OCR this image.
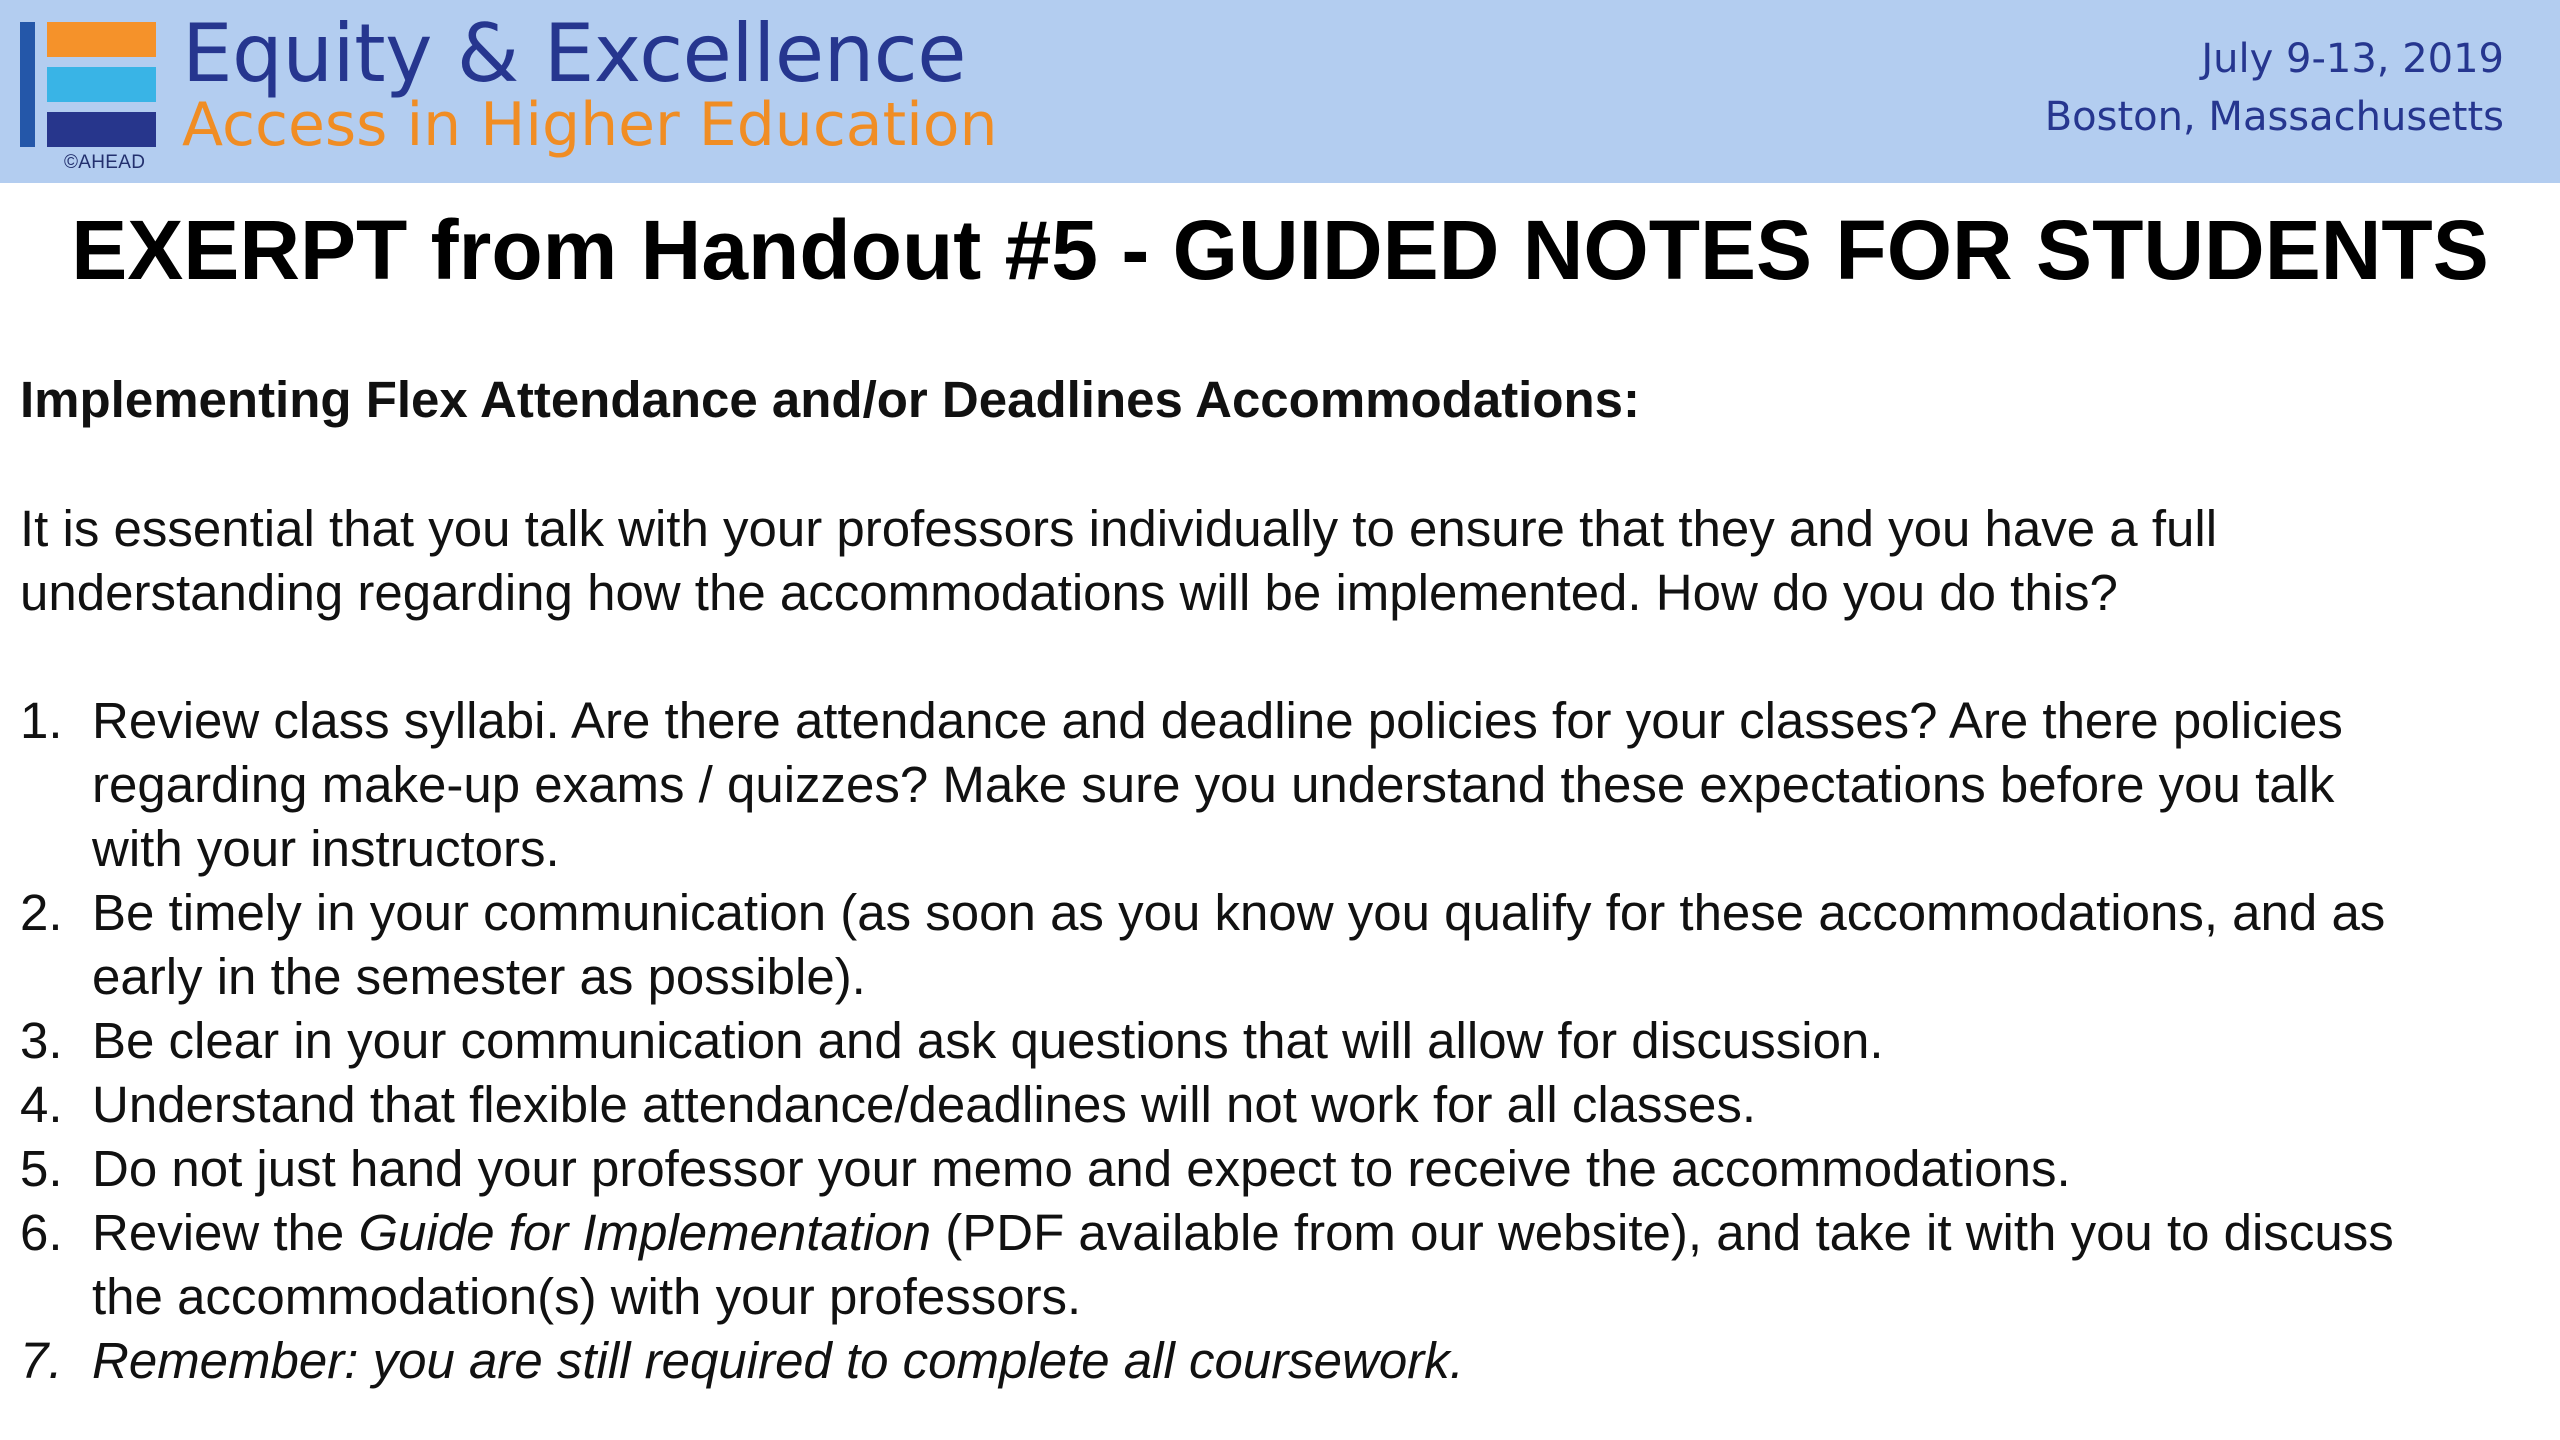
©AHEAD
Equity & Excellence
Access in Higher Education
July 9-13, 2019
Boston, Massachusetts
EXERPT from Handout #5 - GUIDED NOTES FOR STUDENTS
Implementing Flex Attendance and/or Deadlines Accommodations:

It is essential that you talk with your professors individually to ensure that they and you have a full
understanding regarding how the accommodations will be implemented. How do you do this?

1. Review class syllabi. Are there attendance and deadline policies for your classes? Are there policies
regarding make-up exams / quizzes? Make sure you understand these expectations before you talk
with your instructors.
2. Be timely in your communication (as soon as you know you qualify for these accommodations, and as
early in the semester as possible).
3. Be clear in your communication and ask questions that will allow for discussion.
4. Understand that flexible attendance/deadlines will not work for all classes.
5. Do not just hand your professor your memo and expect to receive the accommodations.
6. Review the Guide for Implementation (PDF available from our website), and take it with you to discuss
the accommodation(s) with your professors.
7. Remember: you are still required to complete all coursework.
